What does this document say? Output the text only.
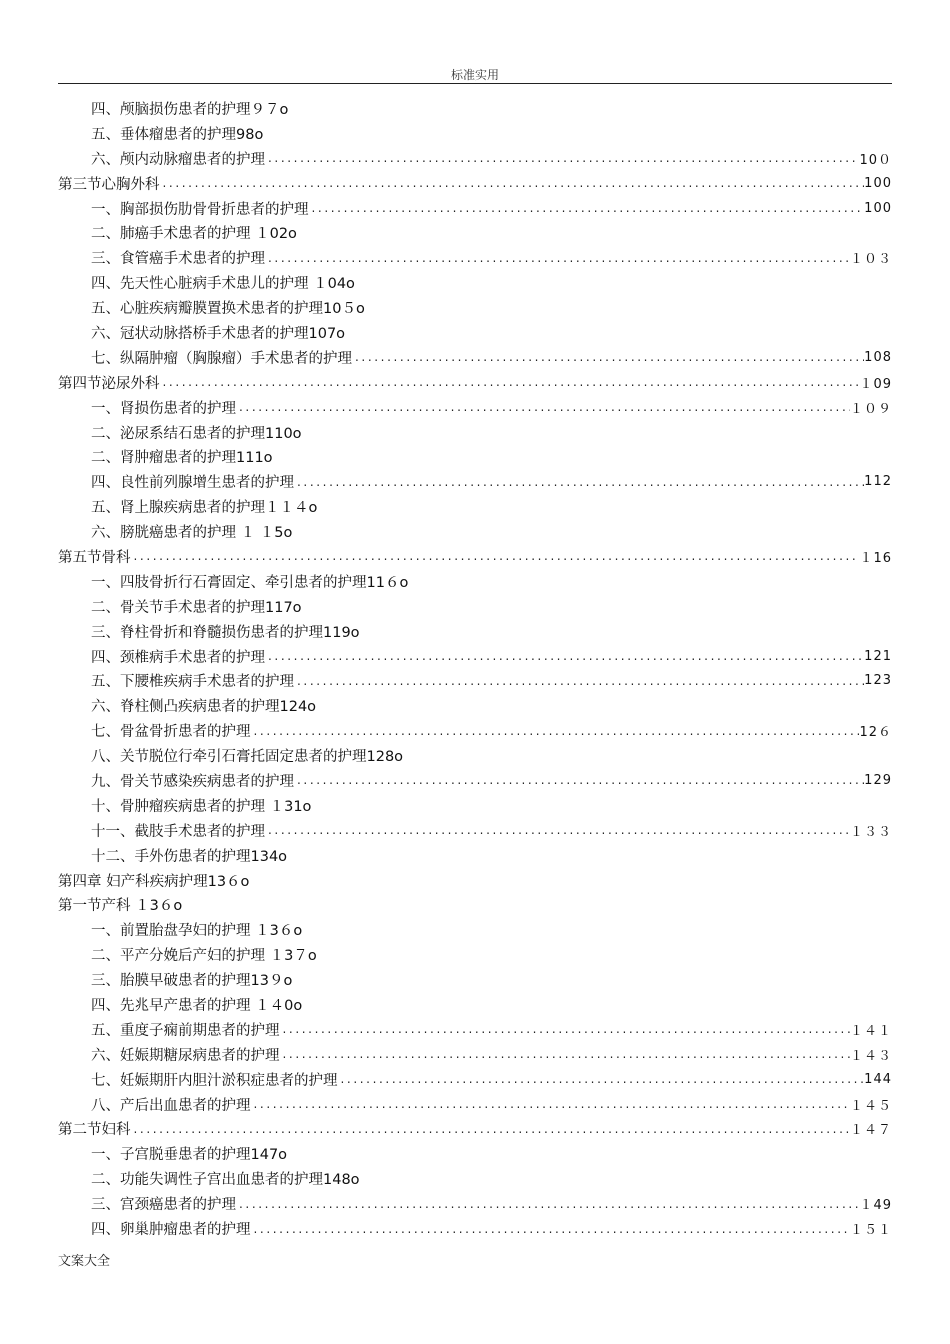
标准实用
四、颅脑损伤患者的护理９７o
五、垂体瘤患者的护理98o
六、颅内动脉瘤患者的护理 .....	10０
第三节心胸外科 .....	100
一、胸部损伤肋骨骨折患者的护理 .....	100
二、肺癌手术患者的护理 １02o
三、食管癌手术患者的护理 .....	１０３
四、先天性心脏病手术患儿的护理 １04o
五、心脏疾病瓣膜置换术患者的护理10５o
六、冠状动脉搭桥手术患者的护理107o
七、纵隔肿瘤（胸腺瘤）手术患者的护理 .....	108
第四节泌尿外科 .....	１09
一、肾损伤患者的护理 .....	１０９
二、泌尿系结石患者的护理110o
二、肾肿瘤患者的护理111o
四、良性前列腺增生患者的护理 .....	112
五、肾上腺疾病患者的护理１１４o
六、膀胱癌患者的护理 １ １5o
第五节骨科 .....	１16
一、四肢骨折行石膏固定、牵引患者的护理11６o
二、骨关节手术患者的护理117o
三、脊柱骨折和脊髓损伤患者的护理119o
四、颈椎病手术患者的护理 .....	121
五、下腰椎疾病手术患者的护理 .....	123
六、脊柱侧凸疾病患者的护理124o
七、骨盆骨折患者的护理 .....	12６
八、关节脱位行牵引石膏托固定患者的护理128o
九、骨关节感染疾病患者的护理 .....	129
十、骨肿瘤疾病患者的护理 １31o
十一、截肢手术患者的护理 .....	１３３
十二、手外伤患者的护理134o
第四章 妇产科疾病护理13６o
第一节产科 １3６o
一、前置胎盘孕妇的护理 １3６o
二、平产分娩后产妇的护理 １3７o
三、胎膜早破患者的护理13９o
四、先兆早产患者的护理 １４0o
五、重度子痫前期患者的护理 .....	１４１
六、妊娠期糖尿病患者的护理 .....	１４３
七、妊娠期肝内胆汁淤积症患者的护理 .....	144
八、产后出血患者的护理 .....	１４５
第二节妇科 .....	１４７
一、子宫脱垂患者的护理147o
二、功能失调性子宫出血患者的护理148o
三、宫颈癌患者的护理 .....	１49
四、卵巢肿瘤患者的护理 .....	１５１
文案大全
